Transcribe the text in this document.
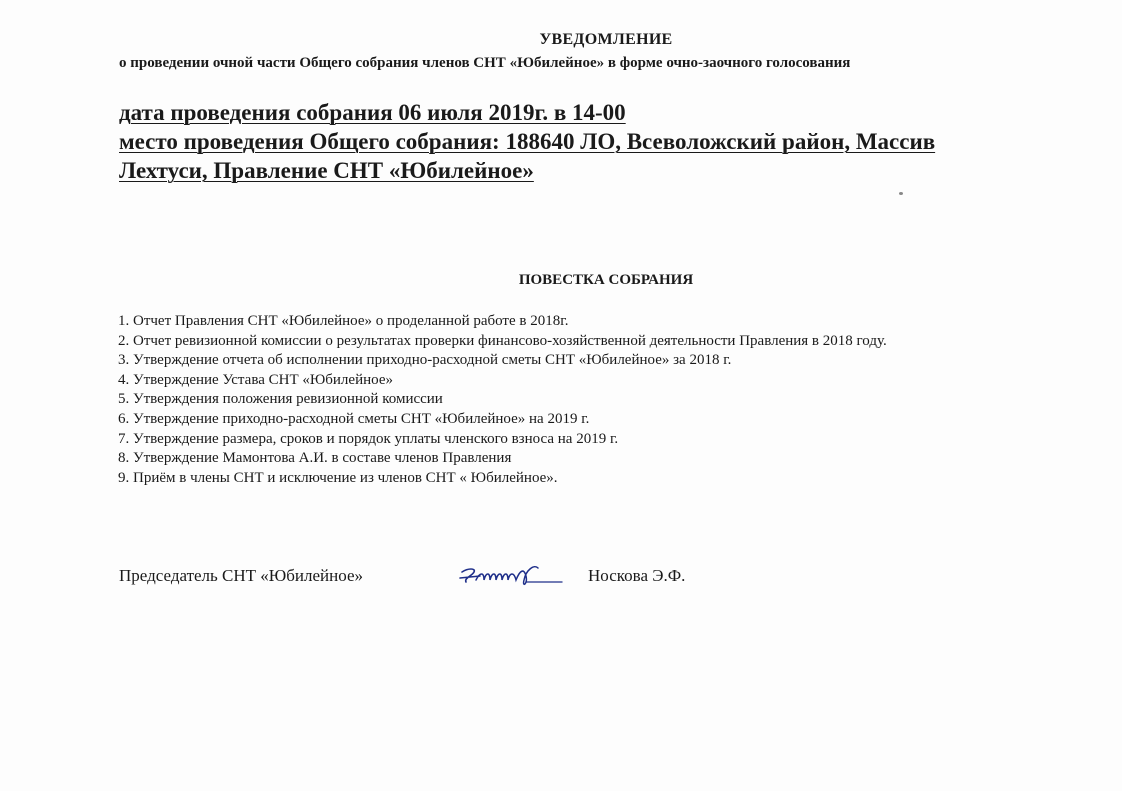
УВЕДОМЛЕНИЕ
о проведении очной части Общего собрания членов СНТ «Юбилейное» в форме очно-заочного голосования
дата проведения собрания 06 июля 2019г. в 14-00
место проведения Общего собрания: 188640 ЛО, Всеволожский район, Массив
Лехтуси, Правление СНТ «Юбилейное»
ПОВЕСТКА СОБРАНИЯ
1. Отчет Правления СНТ «Юбилейное» о проделанной работе в 2018г.
2. Отчет ревизионной комиссии о результатах проверки финансово-хозяйственной деятельности Правления в 2018 году.
3. Утверждение отчета об исполнении приходно-расходной сметы СНТ «Юбилейное» за 2018 г.
4. Утверждение Устава СНТ «Юбилейное»
5. Утверждения положения ревизионной комиссии
6. Утверждение приходно-расходной сметы СНТ «Юбилейное» на 2019 г.
7. Утверждение размера, сроков и порядок уплаты членского взноса на 2019 г.
8. Утверждение Мамонтова А.И. в составе членов Правления
9. Приём в члены СНТ и исключение из членов СНТ « Юбилейное».
Председатель СНТ «Юбилейное»	Носкова Э.Ф.
